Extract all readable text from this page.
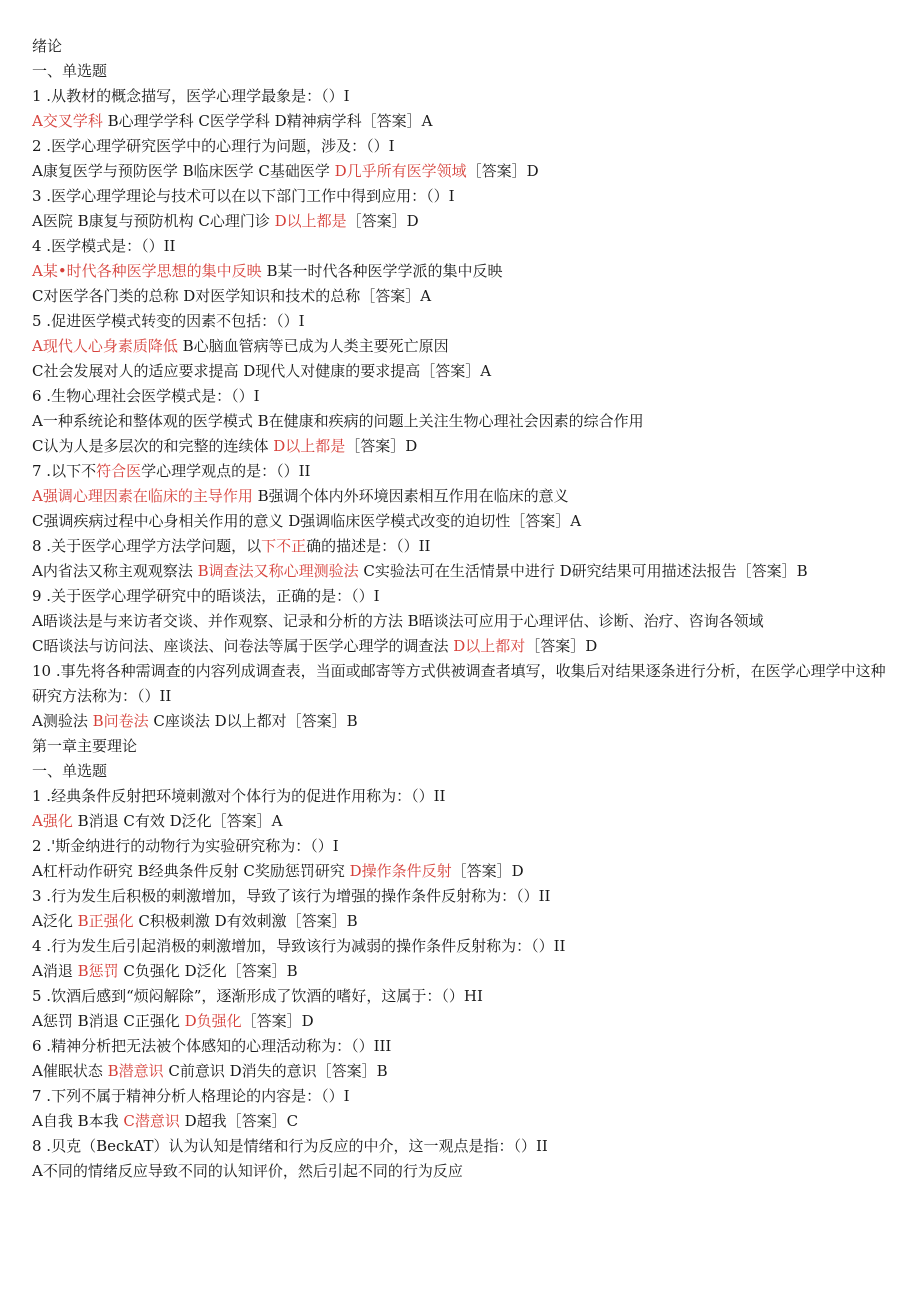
绪论
一、单选题
1 .从教材的概念描写，医学心理学最象是：（）I
A交叉学科 B心理学学科 C医学学科 D精神病学科［答案］A
2 .医学心理学研究医学中的心理行为问题，涉及：（）I
A康复医学与预防医学 B临床医学 C基础医学 D几乎所有医学领域［答案］D
3 .医学心理学理论与技术可以在以下部门工作中得到应用：（）I
A医院 B康复与预防机构 C心理门诊 D以上都是［答案］D
4 .医学模式是：（）II
A某•时代各种医学思想的集中反映 B某一时代各种医学学派的集中反映
C对医学各门类的总称 D对医学知识和技术的总称［答案］A
5 .促进医学模式转变的因素不包括：（）I
A现代人心身素质降低 B心脑血管病等已成为人类主要死亡原因
C社会发展对人的适应要求提高 D现代人对健康的要求提高［答案］A
6 .生物心理社会医学模式是：（）I
A一种系统论和整体观的医学模式 B在健康和疾病的问题上关注生物心理社会因素的综合作用
C认为人是多层次的和完整的连续体 D以上都是［答案］D
7 .以下不符合医学心理学观点的是：（）II
A强调心理因素在临床的主导作用 B强调个体内外环境因素相互作用在临床的意义
C强调疾病过程中心身相关作用的意义 D强调临床医学模式改变的迫切性［答案］A
8 .关于医学心理学方法学问题，以下不正确的描述是：（）II
A内省法又称主观观察法 B调查法又称心理测验法 C实验法可在生活情景中进行 D研究结果可用描述法报告［答案］B
9 .关于医学心理学研究中的晤谈法，正确的是：（）I
A晤谈法是与来访者交谈、并作观察、记录和分析的方法 B晤谈法可应用于心理评估、诊断、治疗、咨询各领域
C晤谈法与访问法、座谈法、问卷法等属于医学心理学的调查法 D以上都对［答案］D
10 .事先将各种需调查的内容列成调查表，当面或邮寄等方式供被调查者填写，收集后对结果逐条进行分析，在医学心理学中这种研究方法称为：（）II
A测验法 B问卷法 C座谈法 D以上都对［答案］B
第一章主要理论
一、单选题
1 .经典条件反射把环境刺激对个体行为的促进作用称为：（）II
A强化 B消退 C有效 D泛化［答案］A
2 .'斯金纳进行的动物行为实验研究称为：（）I
A杠杆动作研究 B经典条件反射 C奖励惩罚研究 D操作条件反射［答案］D
3 .行为发生后积极的刺激增加，导致了该行为增强的操作条件反射称为：（）II
A泛化 B正强化 C积极刺激 D有效刺激［答案］B
4 .行为发生后引起消极的刺激增加，导致该行为减弱的操作条件反射称为：（）II
A消退 B惩罚 C负强化 D泛化［答案］B
5 .饮酒后感到“烦闷解除”，逐渐形成了饮酒的嗜好，这属于：（）HI
A惩罚 B消退 C正强化 D负强化［答案］D
6 .精神分析把无法被个体感知的心理活动称为：（）III
A催眠状态 B潜意识 C前意识 D消失的意识［答案］B
7 .下列不属于精神分析人格理论的内容是：（）I
A自我 B本我 C潜意识 D超我［答案］C
8 .贝克（BeckAT）认为认知是情绪和行为反应的中介，这一观点是指：（）II
A不同的情绪反应导致不同的认知评价，然后引起不同的行为反应
